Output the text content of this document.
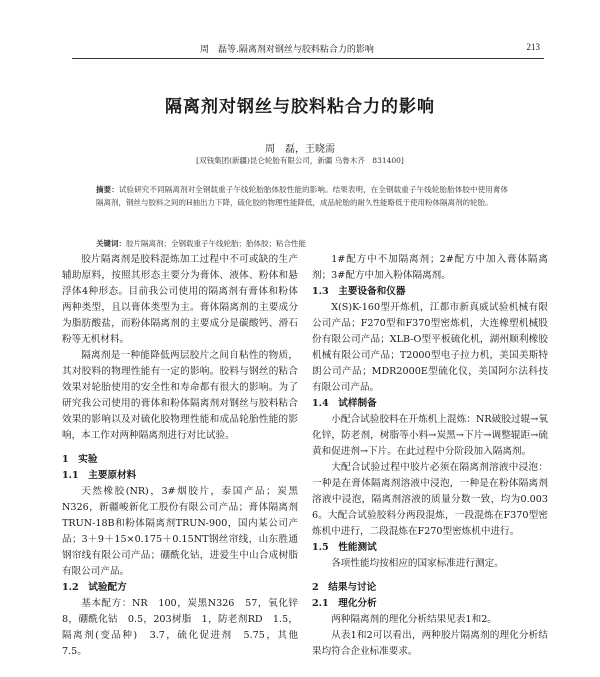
周　磊等.隔离剂对钢丝与胶料粘合力的影响	213
隔离剂对钢丝与胶料粘合力的影响
周　磊，王晓需
[双钱集团(新疆)昆仑轮胎有限公司，新疆 乌鲁木齐　831400]
摘要：试验研究不同隔离剂对全钢载重子午线轮胎胎体胶性能的影响。结果表明，在全钢载重子午线轮胎胎体胶中使用膏体隔离剂，钢丝与胶料之间的H抽出力下降，硫化胶的物理性能降低，成品轮胎的耐久性能略低于使用粉体隔离剂的轮胎。
关键词：胶片隔离剂；全钢载重子午线轮胎；胎体胶；粘合性能

胶片隔离剂是胶料混炼加工过程中不可或缺的生产辅助原料，按照其形态主要分为膏体、液体、粉体和悬浮体4种形态。目前我公司使用的隔离剂有膏体和粉体两种类型，且以膏体类型为主。膏体隔离剂的主要成分为脂肪酸盐，而粉体隔离剂的主要成分是碳酸钙、滑石粉等无机材料。

隔离剂是一种能降低两层胶片之间自粘性的物质，其对胶料的物理性能有一定的影响。胶料与钢丝的粘合效果对轮胎使用的安全性和寿命都有很大的影响。为了研究我公司使用的膏体和粉体隔离剂对钢丝与胶料粘合效果的影响以及对硫化胶物理性能和成品轮胎性能的影响，本工作对两种隔离剂进行对比试验。

1　实验
1.1　主要原材料

天然橡胶(NR)，3#烟胶片，泰国产品；炭黑N326，新疆峻新化工股份有限公司产品；膏体隔离剂TRUN-18B和粉体隔离剂TRUN-900，国内某公司产品；3＋9＋15×0.175＋0.15NT钢丝帘线，山东胜通钢帘线有限公司产品；硼酰化钴，进爱生中山合成树脂有限公司产品。

1.2　试验配方

基本配方：NR　100，炭黑N326　57，氧化锌8，硼酰化钴　0.5，203树脂　1，防老剂RD　1.5，隔离剂(变品种)　3.7，硫化促进剂　5.75，其他　7.5。

1#配方中不加隔离剂；2#配方中加入膏体隔离剂；3#配方中加入粉体隔离剂。

1.3　主要设备和仪器

X(S)K-160型开炼机，江都市新真威试验机械有限公司产品；F270型和F370型密炼机，大连橡塑机械股份有限公司产品；XLB-O型平板硫化机，湖州顺利橡胶机械有限公司产品；T2000型电子拉力机，美国美斯特朗公司产品；MDR2000E型硫化仪，美国阿尔法科技有限公司产品。

1.4　试样制备

小配合试验胶料在开炼机上混炼：NR破胶过辊→氧化锌，防老剂，树脂等小料→炭黑→下片→调整辊距→硫黄和促进剂→下片。在此过程中分阶段加入隔离剂。

大配合试验过程中胶片必须在隔离剂溶液中浸泡：一种是在膏体隔离剂溶液中浸泡，一种是在粉体隔离剂溶液中浸泡，隔离剂溶液的质量分数一致，均为0.003 6。大配合试验胶料分两段混炼，一段混炼在F370型密炼机中进行，二段混炼在F270型密炼机中进行。

1.5　性能测试

各项性能均按相应的国家标准进行测定。

2　结果与讨论
2.1　理化分析

两种隔离剂的理化分析结果见表1和2。

从表1和2可以看出，两种胶片隔离剂的理化分析结果均符合企业标准要求。
